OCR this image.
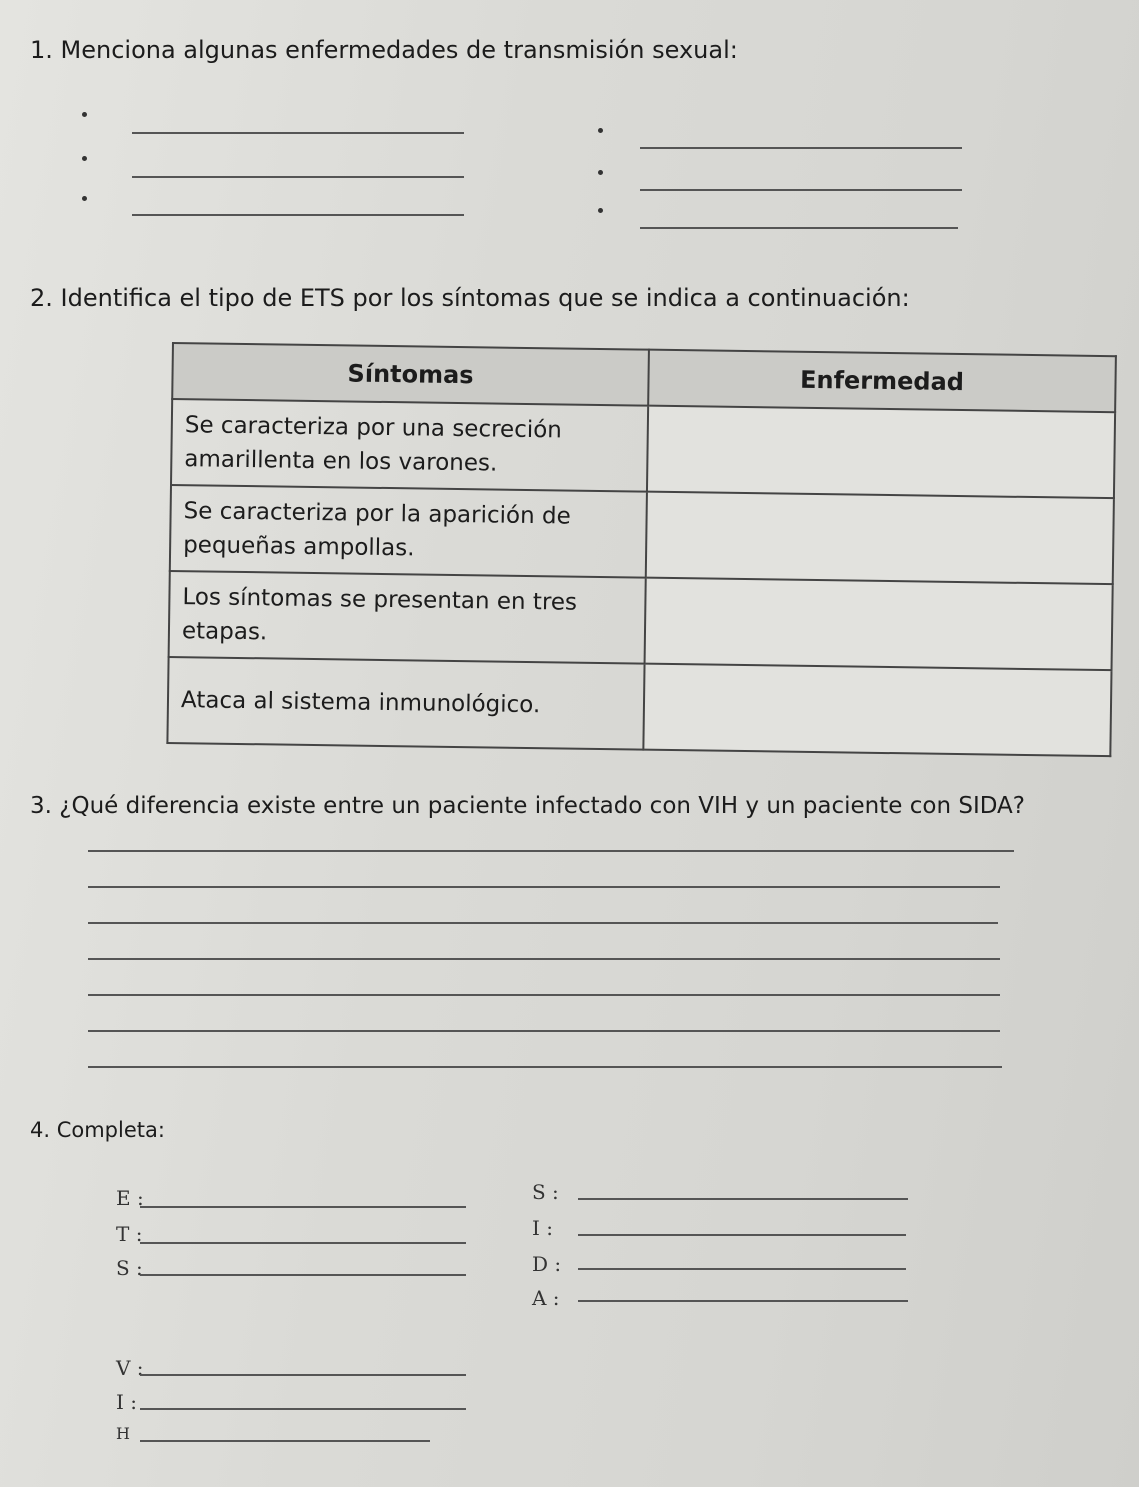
1. Menciona algunas enfermedades de transmisión sexual:
2. Identifica el tipo de ETS por los síntomas que se indica a continuación:
Síntomas	Enfermedad
Se caracteriza por una secreción amarillenta en los varones.	
Se caracteriza por la aparición de pequeñas ampollas.	
Los síntomas se presentan en tres etapas.	
Ataca al sistema inmunológico.	
3. ¿Qué diferencia existe entre un paciente infectado con VIH y un paciente con SIDA?
4. Completa:
E :
T :
S :
S :
I :
D :
A :
V :
I :
H
